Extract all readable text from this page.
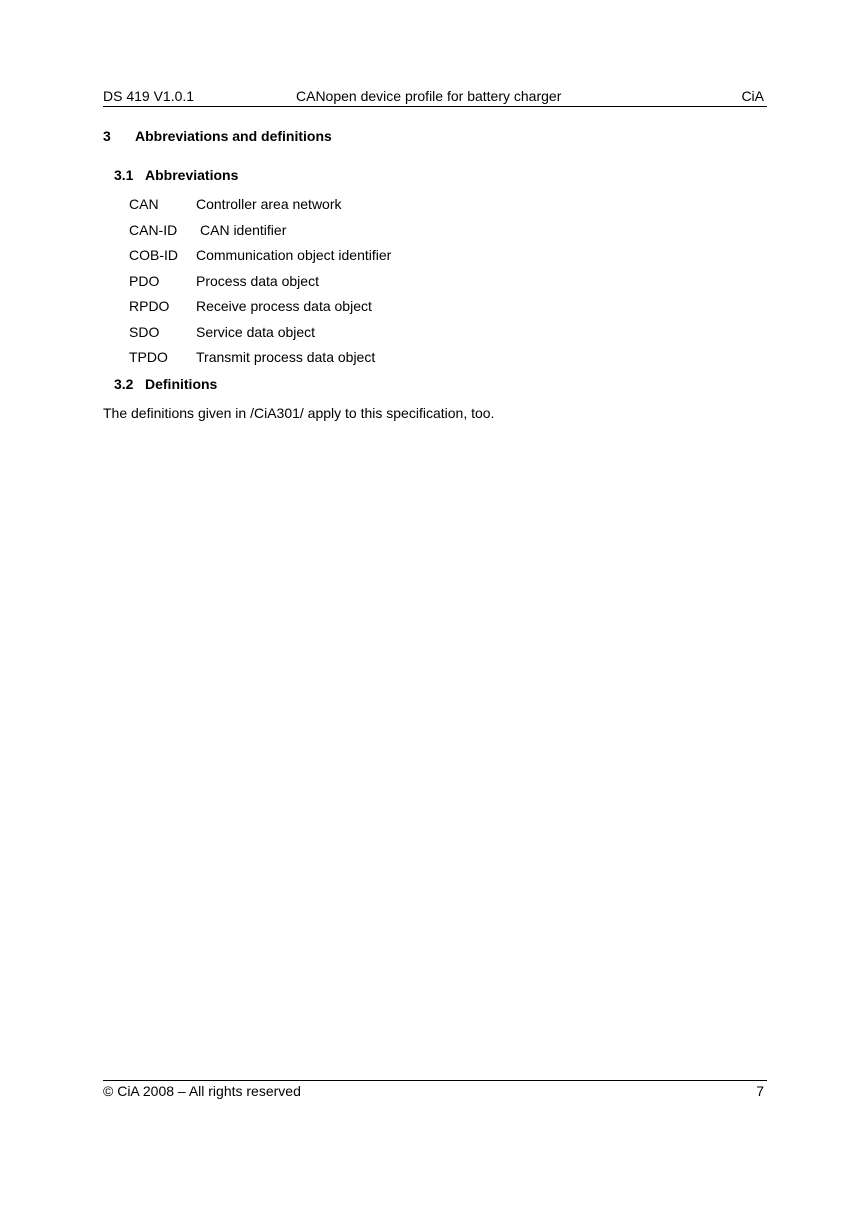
DS 419 V1.0.1	CANopen device profile for battery charger	CiA
3 Abbreviations and definitions
3.1 Abbreviations
CAN	Controller area network
CAN-ID CAN identifier
COB-ID Communication object identifier
PDO	Process data object
RPDO Receive process data object
SDO	Service data object
TPDO Transmit process data object
3.2 Definitions
The definitions given in /CiA301/ apply to this specification, too.
© CiA 2008 – All rights reserved	7
